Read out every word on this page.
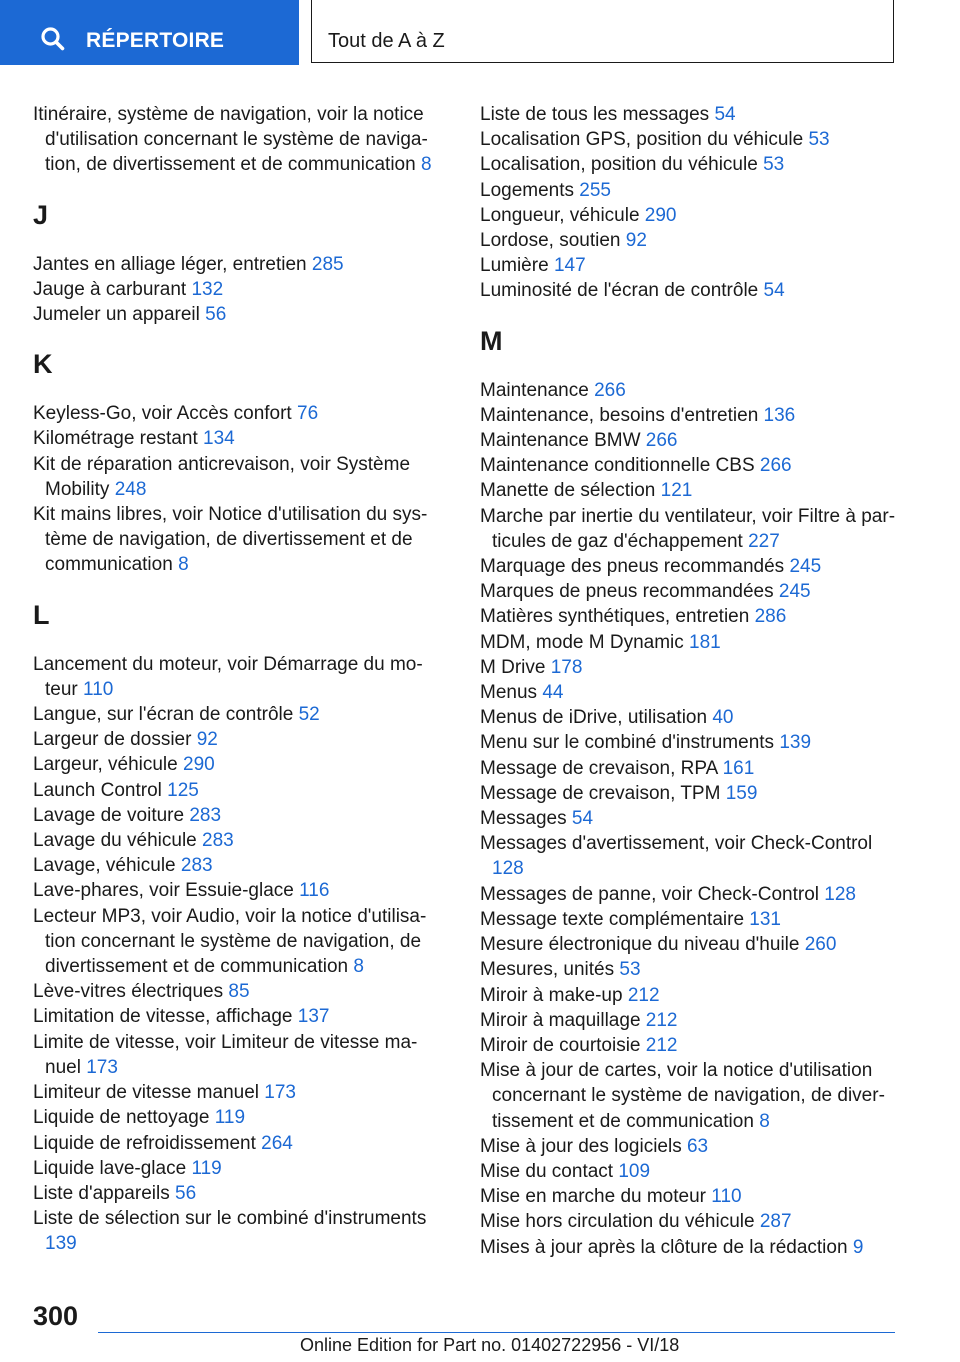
RÉPERTOIRE	Tout de A à Z
Itinéraire, système de navigation, voir la notice d'utilisation concernant le système de navigation, de divertissement et de communication 8
J
Jantes en alliage léger, entretien 285
Jauge à carburant 132
Jumeler un appareil 56
K
Keyless-Go, voir Accès confort 76
Kilométrage restant 134
Kit de réparation anticrevaison, voir Système Mobility 248
Kit mains libres, voir Notice d'utilisation du système de navigation, de divertissement et de communication 8
L
Lancement du moteur, voir Démarrage du moteur 110
Langue, sur l'écran de contrôle 52
Largeur de dossier 92
Largeur, véhicule 290
Launch Control 125
Lavage de voiture 283
Lavage du véhicule 283
Lavage, véhicule 283
Lave-phares, voir Essuie-glace 116
Lecteur MP3, voir Audio, voir la notice d'utilisation concernant le système de navigation, de divertissement et de communication 8
Lève-vitres électriques 85
Limitation de vitesse, affichage 137
Limite de vitesse, voir Limiteur de vitesse manuel 173
Limiteur de vitesse manuel 173
Liquide de nettoyage 119
Liquide de refroidissement 264
Liquide lave-glace 119
Liste d'appareils 56
Liste de sélection sur le combiné d'instruments 139
Liste de tous les messages 54
Localisation GPS, position du véhicule 53
Localisation, position du véhicule 53
Logements 255
Longueur, véhicule 290
Lordose, soutien 92
Lumière 147
Luminosité de l'écran de contrôle 54
M
Maintenance 266
Maintenance, besoins d'entretien 136
Maintenance BMW 266
Maintenance conditionnelle CBS 266
Manette de sélection 121
Marche par inertie du ventilateur, voir Filtre à particules de gaz d'échappement 227
Marquage des pneus recommandés 245
Marques de pneus recommandées 245
Matières synthétiques, entretien 286
MDM, mode M Dynamic 181
M Drive 178
Menus 44
Menus de iDrive, utilisation 40
Menu sur le combiné d'instruments 139
Message de crevaison, RPA 161
Message de crevaison, TPM 159
Messages 54
Messages d'avertissement, voir Check-Control 128
Messages de panne, voir Check-Control 128
Message texte complémentaire 131
Mesure électronique du niveau d'huile 260
Mesures, unités 53
Miroir à make-up 212
Miroir à maquillage 212
Miroir de courtoisie 212
Mise à jour de cartes, voir la notice d'utilisation concernant le système de navigation, de divertissement et de communication 8
Mise à jour des logiciels 63
Mise du contact 109
Mise en marche du moteur 110
Mise hors circulation du véhicule 287
Mises à jour après la clôture de la rédaction 9
300
Online Edition for Part no. 01402722956 - VI/18
